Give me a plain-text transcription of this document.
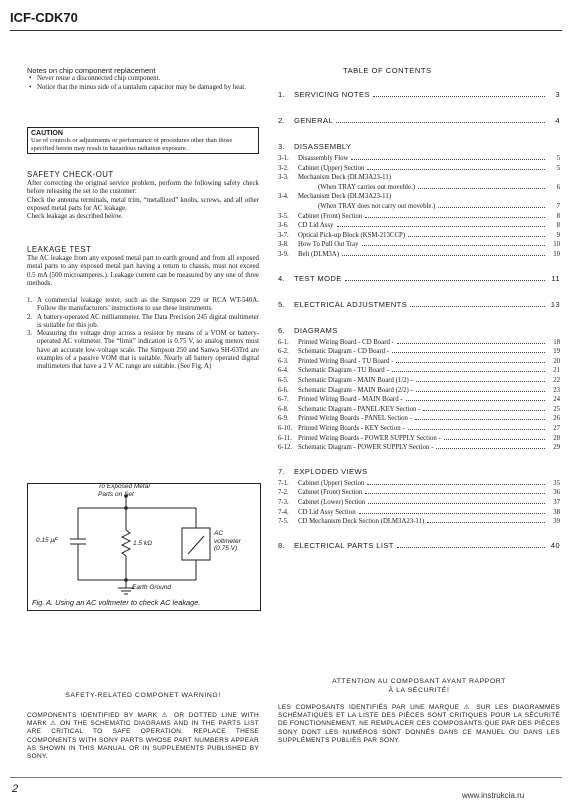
ICF-CDK70
Notes on chip component replacement
• Never reuse a disconnected chip component.
• Notice that the minus side of a tantalum capacitor may be damaged by heat.
CAUTION
Use of controls or adjustments or performance of procedures other than those specified herein may result in hazardous radiation exposure.
SAFETY CHECK-OUT
After correcting the original service problem, perform the following safety check before releasing the set to the customer:
Check the antenna terminals, metal trim, “metallized” knobs, screws, and all other exposed metal parts for AC leakage.
Check leakage as described below.
LEAKAGE TEST
The AC leakage from any exposed metal part to earth ground and from all exposed metal parts to any exposed metal part having a return to chassis, must not exceed 0.5 mA (500 microamperes.). Leakage current can be measured by any one of three methods.
1. A commercial leakage tester, such as the Simpson 229 or RCA WT-540A. Follow the manufacturers’ instructions to use these instruments.
2. A battery-operated AC milliammeter. The Data Precision 245 digital multimeter is suitable for this job.
3. Measuring the voltage drop across a resistor by means of a VOM or battery-operated AC voltmeter. The “limit” indication is 0.75 V, so analog meters must have an accurate low-voltage scale. The Simpson 250 and Sanwa SH-63Trd are examples of a passive VOM that is suitable. Nearly all battery operated digital multimeters that have a 2 V AC range are suitable. (See Fig. A)
To Exposed Metal
Parts on Set
0.15 μF	1.5 kΩ
AC
voltmeter
(0.75 V)
Earth Ground
Fig. A. Using an AC voltmeter to check AC leakage.
TABLE OF CONTENTS
1.	SERVICING NOTES	3
2.	GENERAL	4
3.	DISASSEMBLY
3-1.	Disassembly Flow	5
3-2.	Cabinet (Upper) Section	5
3-3.	Mechanism Deck (DLM3A23-11)
(When TRAY carries out moveble.)	6
3-4.	Mechanism Deck (DLM3A23-11)
(When TRAY does not carry out moveble.)	7
3-5.	Cabinet (Front) Section	8
3-6.	CD Lid Assy	8
3-7.	Optical Pick-up Block (KSM-213CCP)	9
3-8.	How To Pull Out Tray	10
3-9.	Belt (DLM3A)	10
4.	TEST MODE	11
5.	ELECTRICAL ADJUSTMENTS	13
6.	DIAGRAMS
6-1.	Printed Wiring Board - CD Board -	18
6-2.	Schematic Diagram - CD Board -	19
6-3.	Printed Wiring Board - TU Board -	20
6-4.	Schematic Diagram - TU Board -	21
6-5.	Schematic Diagram - MAIN Board (1/2) -	22
6-6.	Schematic Diagram - MAIN Board (2/2) -	23
6-7.	Printed Wiring Board - MAIN Board -	24
6-8.	Schematic Diagram - PANEL/KEY Section -	25
6-9.	Printed Wiring Boards - PANEL Section -	26
6-10. Printed Wiring Boards - KEY Section -	27
6-11. Printed Wiring Boards - POWER SUPPLY Section -	28
6-12. Schematic Diagram - POWER SUPPLY Section -	29
7.	EXPLODED VIEWS
7-1.	Cabinet (Upper) Section	35
7-2.	Cabinet (Front) Section	36
7-3.	Cabinet (Lower) Section	37
7-4.	CD Lid Assy Section	38
7-5.	CD Mechanism Deck Section (DLM3A23-11)	39
8.	ELECTRICAL PARTS LIST	40
SAFETY-RELATED COMPONET WARNING!
COMPONENTS IDENTIFIED BY MARK ⚠ OR DOTTED LINE WITH MARK ⚠ ON THE SCHEMATIC DIAGRAMS AND IN THE PARTS LIST ARE CRITICAL TO SAFE OPERATION. REPLACE THESE COMPONENTS WITH SONY PARTS WHOSE PART NUMBERS APPEAR AS SHOWN IN THIS MANUAL OR IN SUPPLEMENTS PUBLISHED BY SONY.
ATTENTION AU COMPOSANT AYANT RAPPORT
À LA SÉCURITÉ!
LES COMPOSANTS IDENTIFIÉS PAR UNE MARQUE ⚠ SUR LES DIAGRAMMES SCHÉMATIQUES ET LA LISTE DES PIÈCES SONT CRITIQUES POUR LA SÉCURITÉ DE FONCTIONNEMENT. NE REMPLACER CES COMPOSANTS QUE PAR DES PIÈCES SONY DONT LES NUMÉROS SONT DONNÉS DANS CE MANUEL OU DANS LES SUPPLÉMENTS PUBLIÉS PAR SONY.
2
www.instrukcia.ru
